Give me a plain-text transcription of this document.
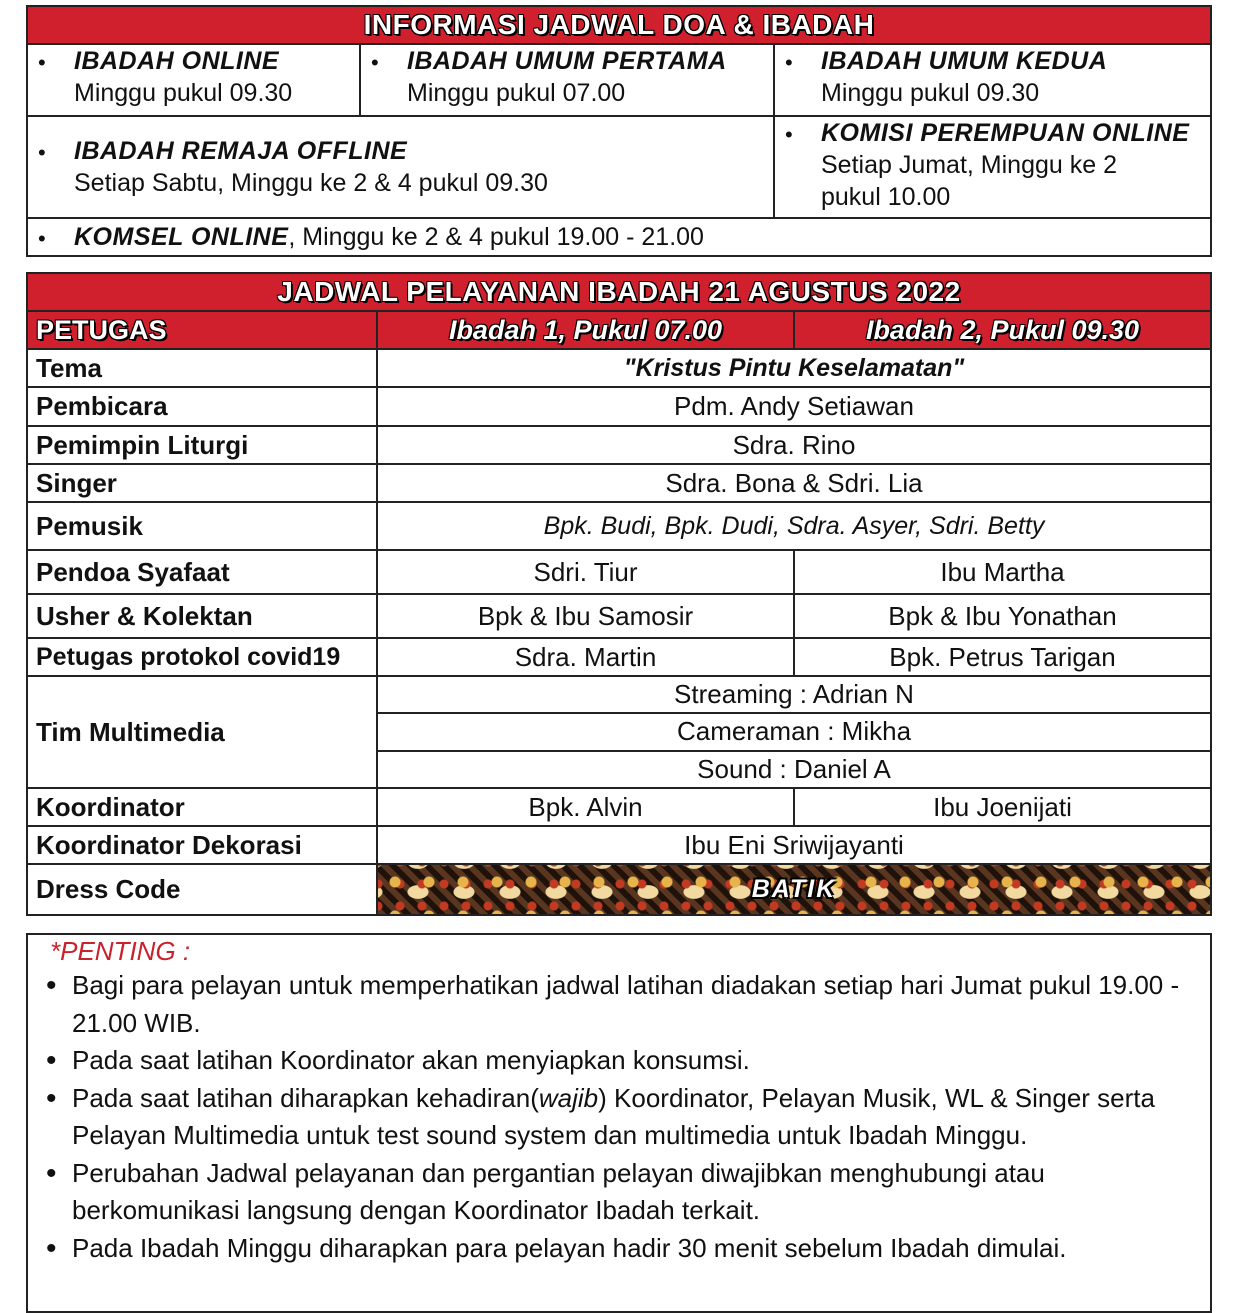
INFORMASI JADWAL DOA & IBADAH
• IBADAH ONLINE
Minggu pukul 09.30
• IBADAH UMUM PERTAMA
Minggu pukul 07.00
• IBADAH UMUM KEDUA
Minggu pukul 09.30
• IBADAH REMAJA OFFLINE
Setiap Sabtu, Minggu ke 2 & 4 pukul 09.30
• KOMISI PEREMPUAN ONLINE
Setiap Jumat, Minggu ke 2
pukul 10.00
• KOMSEL ONLINE, Minggu ke 2 & 4 pukul 19.00 - 21.00
JADWAL PELAYANAN IBADAH 21 AGUSTUS 2022
PETUGAS	Ibadah 1, Pukul 07.00	Ibadah 2, Pukul 09.30
Tema	"Kristus Pintu Keselamatan"
Pembicara	Pdm. Andy Setiawan
Pemimpin Liturgi	Sdra. Rino
Singer	Sdra. Bona & Sdri. Lia
Pemusik	Bpk. Budi, Bpk. Dudi, Sdra. Asyer, Sdri. Betty
Pendoa Syafaat	Sdri. Tiur	Ibu Martha
Usher & Kolektan	Bpk & Ibu Samosir	Bpk & Ibu Yonathan
Petugas protokol covid19	Sdra. Martin	Bpk. Petrus Tarigan
Tim Multimedia
Streaming : Adrian N
Cameraman : Mikha
Sound : Daniel A
Koordinator	Bpk. Alvin	Ibu Joenijati
Koordinator Dekorasi	Ibu Eni Sriwijayanti
Dress Code	BATIK
*PENTING :
• Bagi para pelayan untuk memperhatikan jadwal latihan diadakan setiap hari Jumat pukul 19.00 - 21.00 WIB.
• Pada saat latihan Koordinator akan menyiapkan konsumsi.
• Pada saat latihan diharapkan kehadiran(wajib) Koordinator, Pelayan Musik, WL & Singer serta Pelayan Multimedia untuk test sound system dan multimedia untuk Ibadah Minggu.
• Perubahan Jadwal pelayanan dan pergantian pelayan diwajibkan menghubungi atau berkomunikasi langsung dengan Koordinator Ibadah terkait.
• Pada Ibadah Minggu diharapkan para pelayan hadir 30 menit sebelum Ibadah dimulai.
